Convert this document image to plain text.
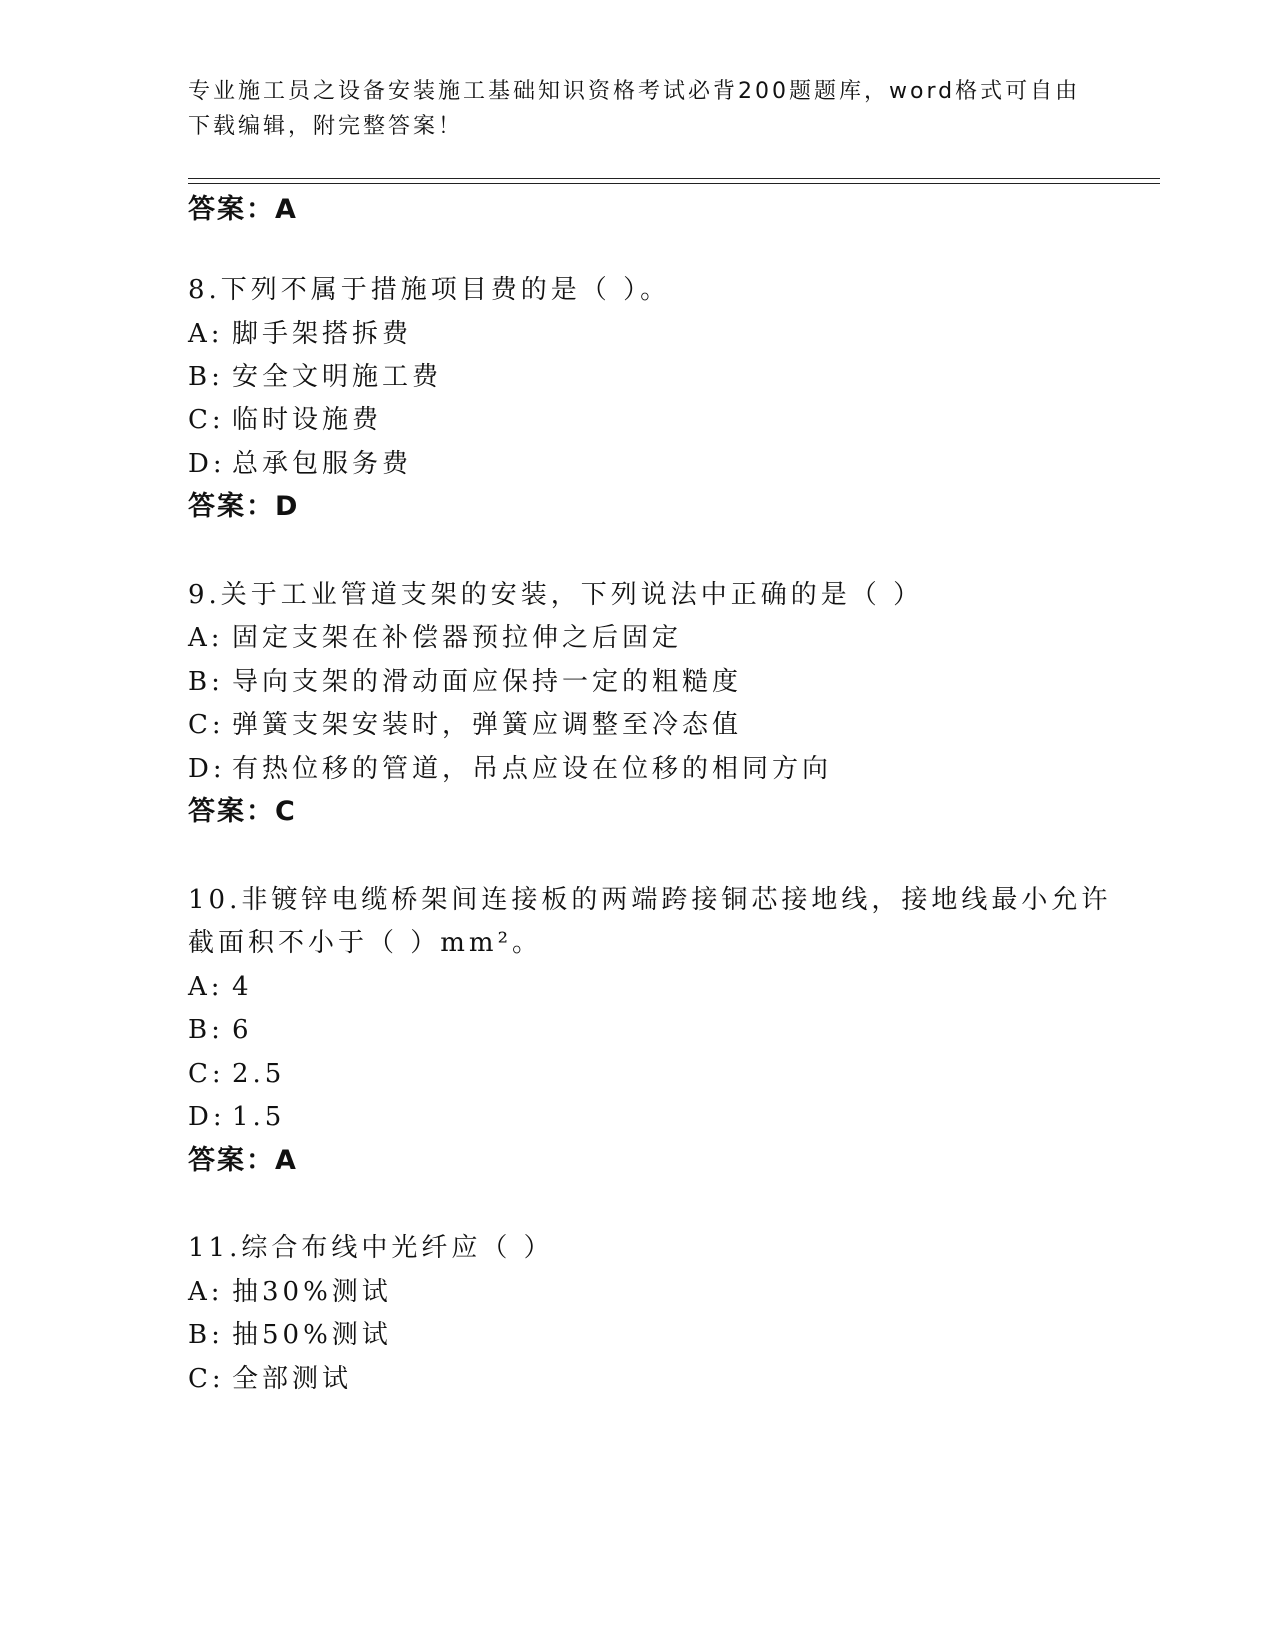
专业施工员之设备安装施工基础知识资格考试必背200题题库，word格式可自由
下载编辑，附完整答案！
答案：A
8.下列不属于措施项目费的是（ ）。
A: 脚手架搭拆费
B: 安全文明施工费
C: 临时设施费
D: 总承包服务费
答案：D
9.关于工业管道支架的安装，下列说法中正确的是（ ）
A: 固定支架在补偿器预拉伸之后固定
B: 导向支架的滑动面应保持一定的粗糙度
C: 弹簧支架安装时，弹簧应调整至冷态值
D: 有热位移的管道，吊点应设在位移的相同方向
答案：C
10.非镀锌电缆桥架间连接板的两端跨接铜芯接地线，接地线最小允许
截面积不小于（ ）mm²。
A: 4
B: 6
C: 2.5
D: 1.5
答案：A
11.综合布线中光纤应（ ）
A: 抽30%测试
B: 抽50%测试
C: 全部测试
